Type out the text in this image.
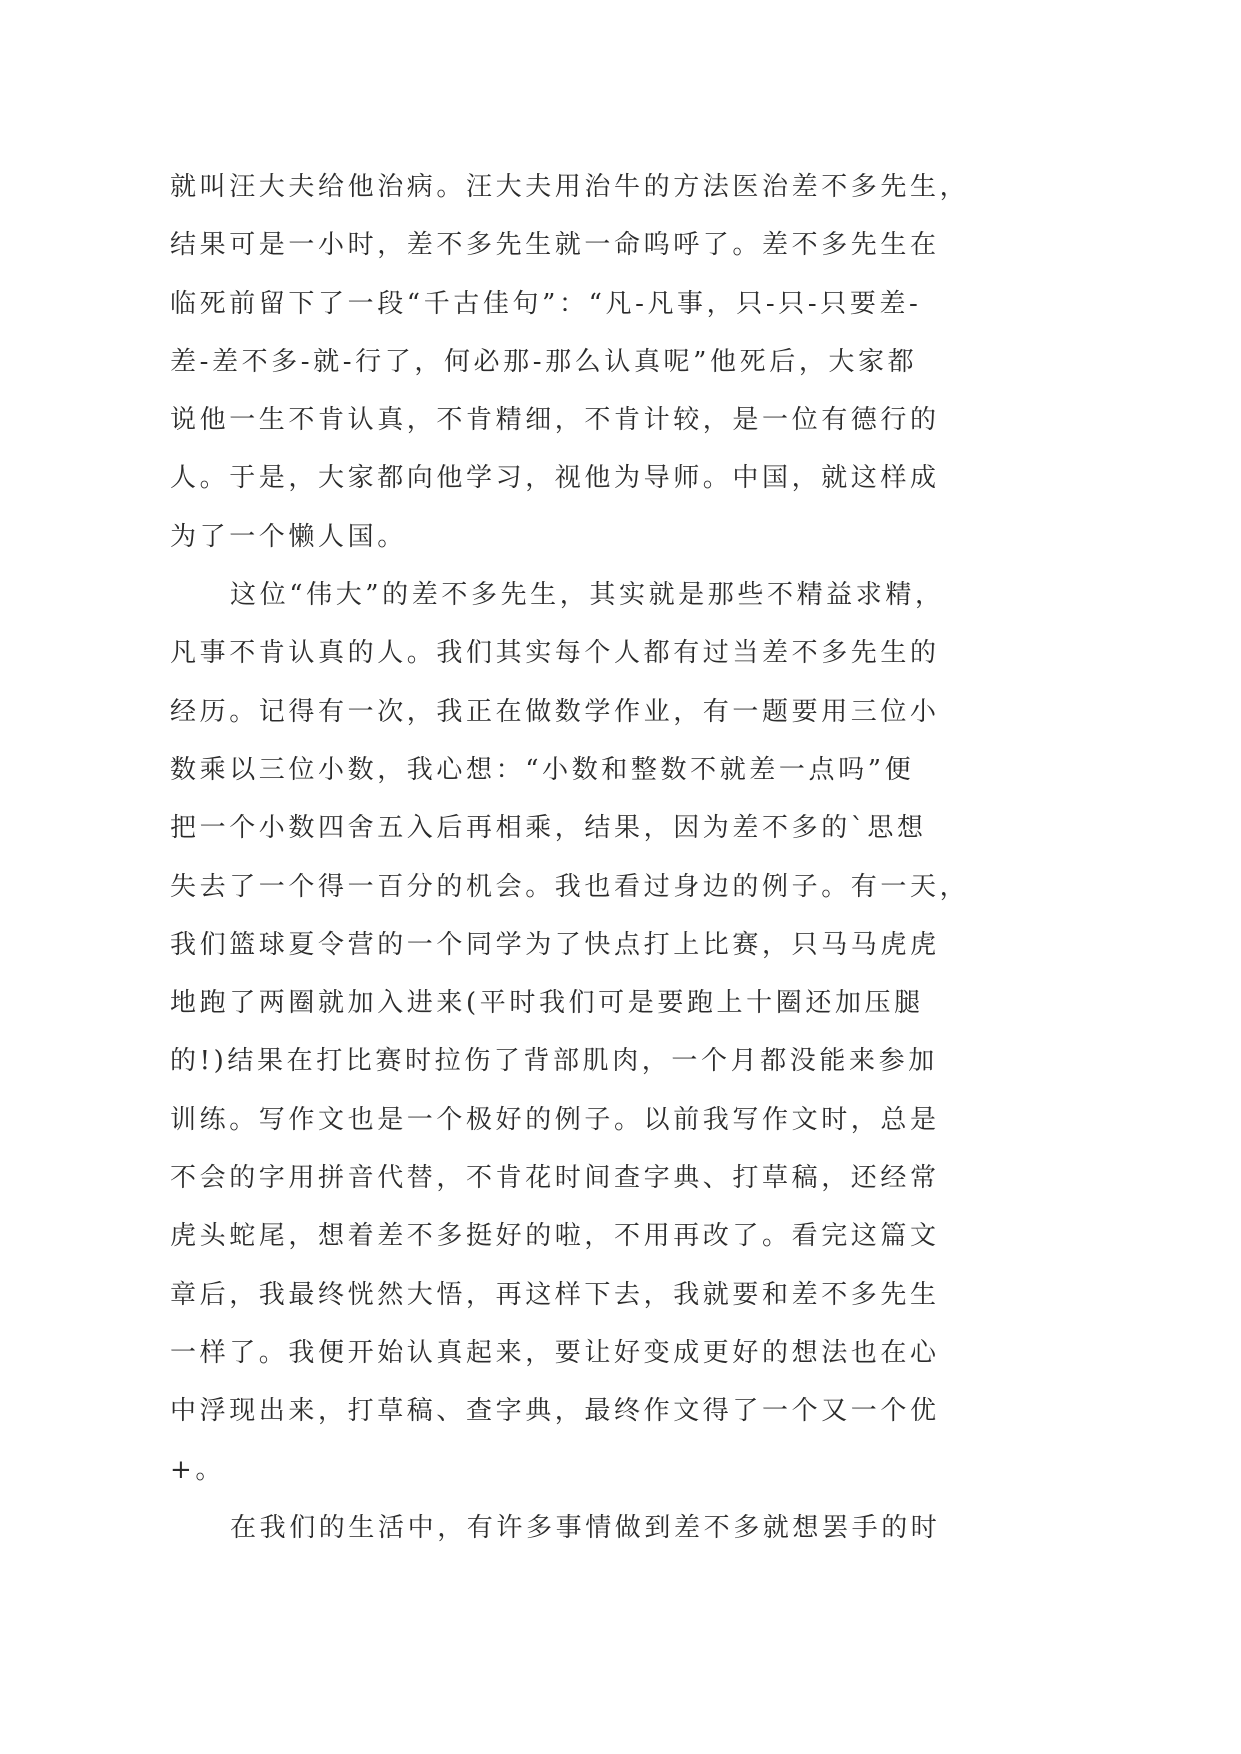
就叫汪大夫给他治病。汪大夫用治牛的方法医治差不多先生，
结果可是一小时，差不多先生就一命呜呼了。差不多先生在
临死前留下了一段“千古佳句”：“凡-凡事，只-只-只要差-
差-差不多-就-行了，何必那-那么认真呢”他死后，大家都
说他一生不肯认真，不肯精细，不肯计较，是一位有德行的
人。于是，大家都向他学习，视他为导师。中国，就这样成
为了一个懒人国。
这位“伟大”的差不多先生，其实就是那些不精益求精，
凡事不肯认真的人。我们其实每个人都有过当差不多先生的
经历。记得有一次，我正在做数学作业，有一题要用三位小
数乘以三位小数，我心想：“小数和整数不就差一点吗”便
把一个小数四舍五入后再相乘，结果，因为差不多的`思想
失去了一个得一百分的机会。我也看过身边的例子。有一天，
我们篮球夏令营的一个同学为了快点打上比赛，只马马虎虎
地跑了两圈就加入进来(平时我们可是要跑上十圈还加压腿
的!)结果在打比赛时拉伤了背部肌肉，一个月都没能来参加
训练。写作文也是一个极好的例子。以前我写作文时，总是
不会的字用拼音代替，不肯花时间查字典、打草稿，还经常
虎头蛇尾，想着差不多挺好的啦，不用再改了。看完这篇文
章后，我最终恍然大悟，再这样下去，我就要和差不多先生
一样了。我便开始认真起来，要让好变成更好的想法也在心
中浮现出来，打草稿、查字典，最终作文得了一个又一个优
+。
在我们的生活中，有许多事情做到差不多就想罢手的时
